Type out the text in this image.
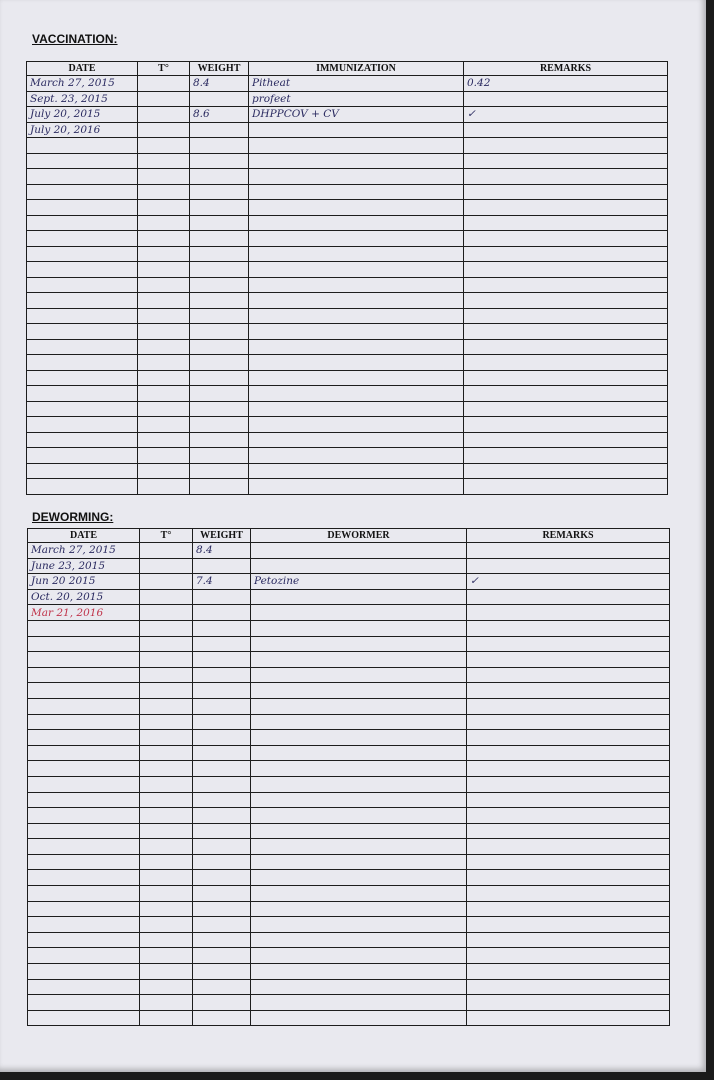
VACCINATION:
DATE	T°	WEIGHT	IMMUNIZATION	REMARKS
March 27, 2015		8.4	Pitheat	0.42
Sept. 23, 2015			profeet	
July 20, 2015		8.6	DHPPCOV + CV	✓
July 20, 2016				

DEWORMING:
DATE	T°	WEIGHT	DEWORMER	REMARKS
March 27, 2015		8.4		
June 23, 2015				
Jun 20 2015		7.4	Petozine	✓
Oct. 20, 2015				
Mar 21, 2016				
